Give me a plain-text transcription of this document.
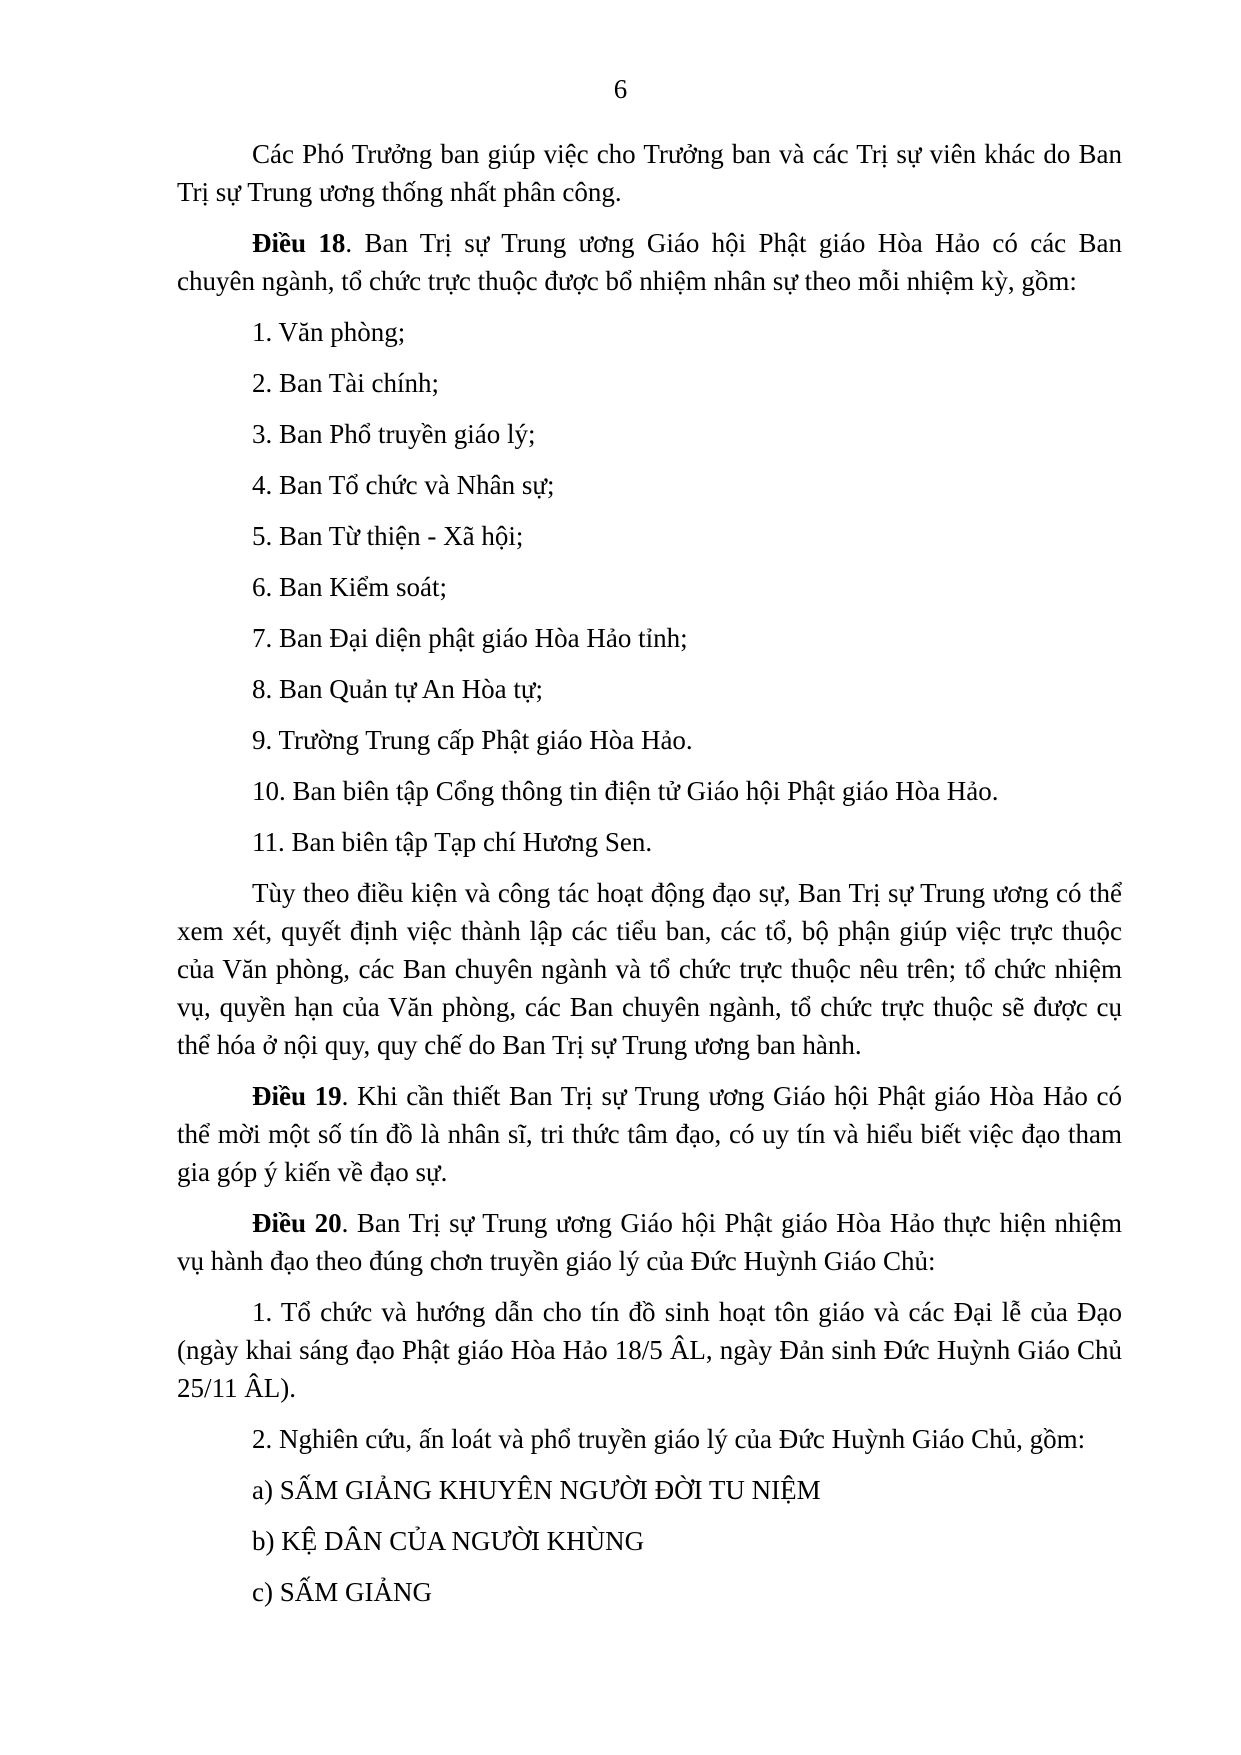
6

Các Phó Trưởng ban giúp việc cho Trưởng ban và các Trị sự viên khác do Ban Trị sự Trung ương thống nhất phân công.

Điều 18. Ban Trị sự Trung ương Giáo hội Phật giáo Hòa Hảo có các Ban chuyên ngành, tổ chức trực thuộc được bổ nhiệm nhân sự theo mỗi nhiệm kỳ, gồm:

1. Văn phòng;
2. Ban Tài chính;
3. Ban Phổ truyền giáo lý;
4. Ban Tổ chức và Nhân sự;
5. Ban Từ thiện - Xã hội;
6. Ban Kiểm soát;
7. Ban Đại diện phật giáo Hòa Hảo tỉnh;
8. Ban Quản tự An Hòa tự;
9. Trường Trung cấp Phật giáo Hòa Hảo.
10. Ban biên tập Cổng thông tin điện tử Giáo hội Phật giáo Hòa Hảo.
11. Ban biên tập Tạp chí Hương Sen.

Tùy theo điều kiện và công tác hoạt động đạo sự, Ban Trị sự Trung ương có thể xem xét, quyết định việc thành lập các tiểu ban, các tổ, bộ phận giúp việc trực thuộc của Văn phòng, các Ban chuyên ngành và tổ chức trực thuộc nêu trên; tổ chức nhiệm vụ, quyền hạn của Văn phòng, các Ban chuyên ngành, tổ chức trực thuộc sẽ được cụ thể hóa ở nội quy, quy chế do Ban Trị sự Trung ương ban hành.

Điều 19. Khi cần thiết Ban Trị sự Trung ương Giáo hội Phật giáo Hòa Hảo có thể mời một số tín đồ là nhân sĩ, tri thức tâm đạo, có uy tín và hiểu biết việc đạo tham gia góp ý kiến về đạo sự.

Điều 20. Ban Trị sự Trung ương Giáo hội Phật giáo Hòa Hảo thực hiện nhiệm vụ hành đạo theo đúng chơn truyền giáo lý của Đức Huỳnh Giáo Chủ:

1. Tổ chức và hướng dẫn cho tín đồ sinh hoạt tôn giáo và các Đại lễ của Đạo (ngày khai sáng đạo Phật giáo Hòa Hảo 18/5 ÂL, ngày Đản sinh Đức Huỳnh Giáo Chủ 25/11 ÂL).

2. Nghiên cứu, ấn loát và phổ truyền giáo lý của Đức Huỳnh Giáo Chủ, gồm:

a) SẤM GIẢNG KHUYÊN NGƯỜI ĐỜI TU NIỆM
b) KỆ DÂN CỦA NGƯỜI KHÙNG
c) SẤM GIẢNG
